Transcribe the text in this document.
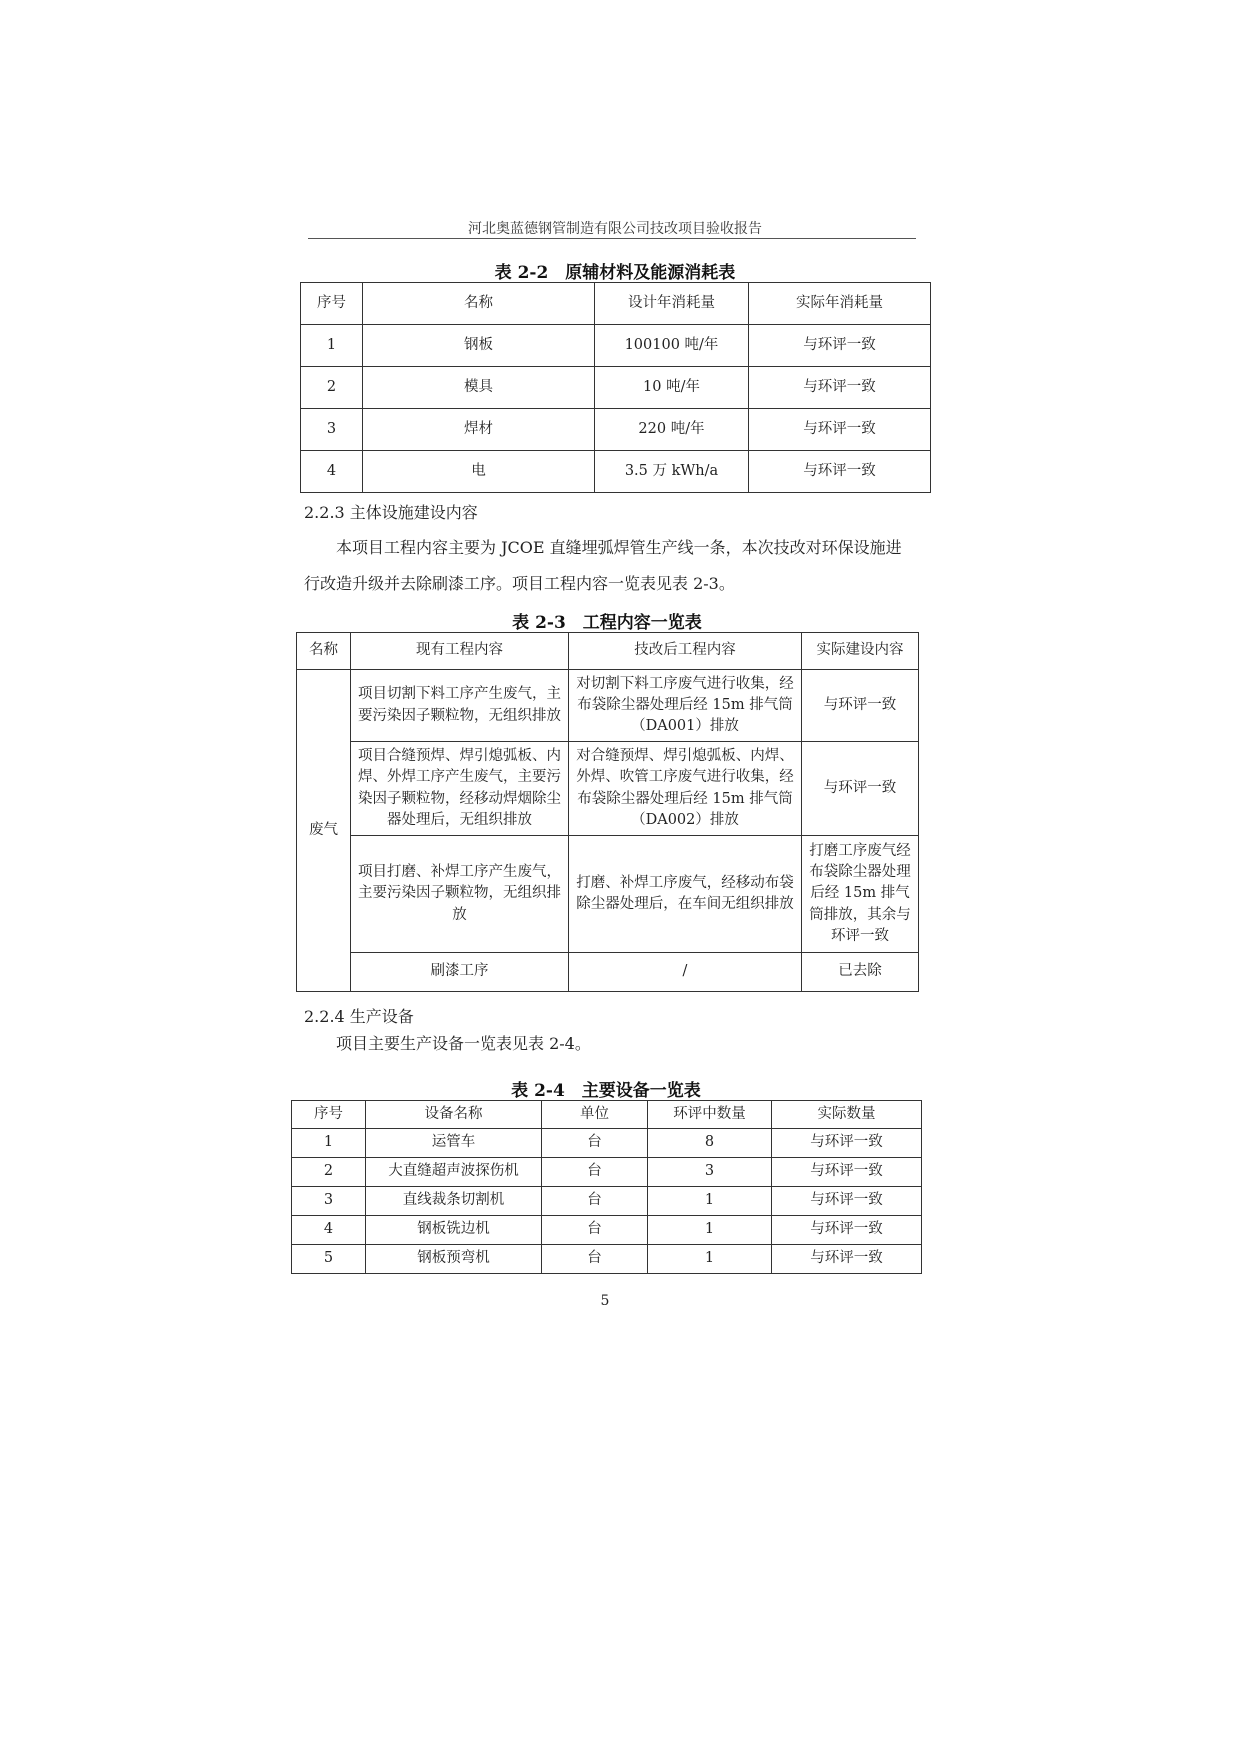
河北奥蓝德钢管制造有限公司技改项目验收报告
表 2-2　原辅材料及能源消耗表
序号	名称	设计年消耗量	实际年消耗量
1	钢板	100100 吨/年	与环评一致
2	模具	10 吨/年	与环评一致
3	焊材	220 吨/年	与环评一致
4	电	3.5 万 kWh/a	与环评一致
2.2.3 主体设施建设内容
本项目工程内容主要为 JCOE 直缝埋弧焊管生产线一条，本次技改对环保设施进行改造升级并去除刷漆工序。项目工程内容一览表见表 2-3。
表 2-3　工程内容一览表
名称	现有工程内容	技改后工程内容	实际建设内容
废气	项目切割下料工序产生废气，主要污染因子颗粒物，无组织排放	对切割下料工序废气进行收集，经布袋除尘器处理后经 15m 排气筒（DA001）排放	与环评一致
	项目合缝预焊、焊引熄弧板、内焊、外焊工序产生废气，主要污染因子颗粒物，经移动焊烟除尘器处理后，无组织排放	对合缝预焊、焊引熄弧板、内焊、外焊、吹管工序废气进行收集，经布袋除尘器处理后经 15m 排气筒（DA002）排放	与环评一致
	项目打磨、补焊工序产生废气，主要污染因子颗粒物，无组织排放	打磨、补焊工序废气，经移动布袋除尘器处理后，在车间无组织排放	打磨工序废气经布袋除尘器处理后经 15m 排气筒排放，其余与环评一致
	刷漆工序	/	已去除
2.2.4 生产设备
项目主要生产设备一览表见表 2-4。
表 2-4　主要设备一览表
序号	设备名称	单位	环评中数量	实际数量
1	运管车	台	8	与环评一致
2	大直缝超声波探伤机	台	3	与环评一致
3	直线裁条切割机	台	1	与环评一致
4	钢板铣边机	台	1	与环评一致
5	钢板预弯机	台	1	与环评一致
5
